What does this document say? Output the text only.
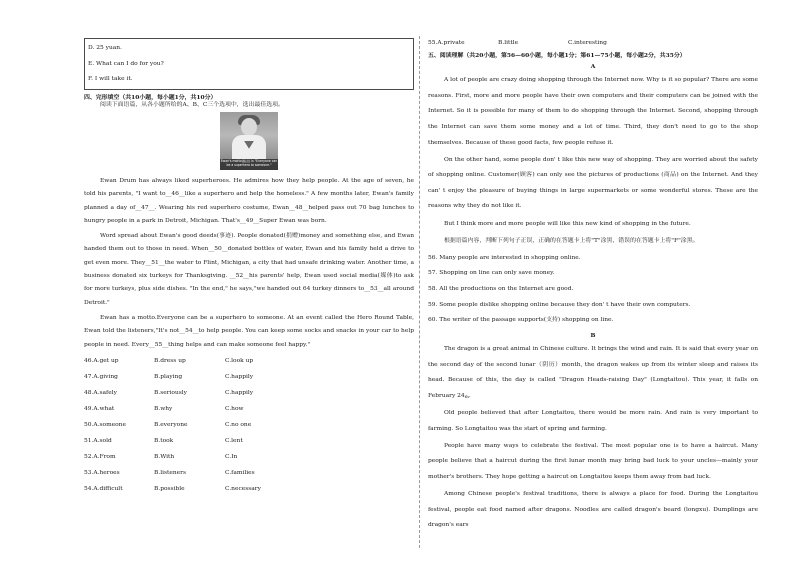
D. 25 yuan.
E. What can I do for you?
F. I will take it.
四、完形填空（共10小题，每小题1分，共10分）
阅读下面语篇，从各小题所给的A、B、C三个选项中，选出最佳选项。
Ewan's motto(格言) is "Everyone can be a superhero to someone."

Ewan Drum has always liked superheroes. He admires how they help people. At the age of seven, he told his parents, "I want to__46__like a superhero and help the homeless." A few months later, Ewan's family planned a day of__47__. Wearing his red superhero costume, Ewan__48__helped pass out 70 bag lunches to hungry people in a park in Detroit, Michigan. That's__49__Super Ewan was born.

Word spread about Ewan's good deeds(事迹). People donated(捐赠)money and something else, and Ewan handed them out to those in need. When__50__donated bottles of water, Ewan and his family held a drive to get even more. They__51__the water to Flint, Michigan, a city that had unsafe drinking water. Another time, a business donated six turkeys for Thanksgiving. __52__his parents' help, Ewan used social media(媒体)to ask for more turkeys, plus side dishes. "In the end," he says,"we handed out 64 turkey dinners to__53__all around Detroit."

Ewan has a motto.Everyone can be a superhero to someone. At an event called the Hero Round Table, Ewan told the listeners,"It's not__54__to help people. You can keep some socks and snacks in your car to help people in need. Every__55__thing helps and can make someone feel happy."

46.A.get up	B.dress up	C.look up
47.A.giving	B.playing	C.happily
48.A.safely	B.seriously	C.happily
49.A.what	B.why	C.how
50.A.someone	B.everyone	C.no one
51.A.sold	B.took	C.lent
52.A.From	B.With	C.In
53.A.heroes	B.listeners	C.families
54.A.difficult	B.possible	C.necessary
55.A.private	B.little	C.interesting
五、阅读理解（共20小题，第56—60小题，每小题1分；第61—75小题，每小题2分，共35分）
A

A lot of people are crazy doing shopping through the Internet now. Why is it so popular? There are some reasons. First, more and more people have their own computers and their computers can be joined with the Internet. So it is possible for many of them to do shopping through the Internet. Second, shopping through the Internet can save them some money and a lot of time. Third, they don't need to go to the shop themselves. Because of these good facts, few people refuse it.

On the other hand, some people don' t like this new way of shopping. They are worried about the safety of shopping online. Customer(顾客) can only see the pictures of productions (商品) on the Internet. And they can' t enjoy the pleasure of buying things in large supermarkets or some wonderful stores. These are the reasons why they do not like it.

But I think more and more people will like this new kind of shopping in the future.

根据语篇内容，判断下列句子正误，正确的在答题卡上将"T"涂黑，错误的在答题卡上将"F"涂黑。

56. Many people are interested in shopping online.

57. Shopping on line can only save money.

58. All the productions on the Internet are good.

59. Some people dislike shopping online because they don' t have their own computers.

60. The writer of the passage supports(支持) shopping on line.

B

The dragon is a great animal in Chinese culture. It brings the wind and rain. It is said that every year on the second day of the second lunar（阴历）month, the dragon wakes up from its winter sleep and raises its head. Because of this, the day is called "Dragon Heads-raising Day" (Longtaitou). This year, it falls on February 24th.

Old people believed that after Longtaitou, there would be more rain. And rain is very important to farming. So Longtaitou was the start of spring and farming.

People have many ways to celebrate the festival. The most popular one is to have a haircut. Many people believe that a haircut during the first lunar month may bring bad luck to your uncles—mainly your mother's brothers. They hope getting a haircut on Longtaitou keeps them away from bad luck.

Among Chinese people's festival traditions, there is always a place for food. During the Longtaitou festival, people eat food named after dragons. Noodles are called dragon's beard (longxu). Dumplings are dragon's ears
